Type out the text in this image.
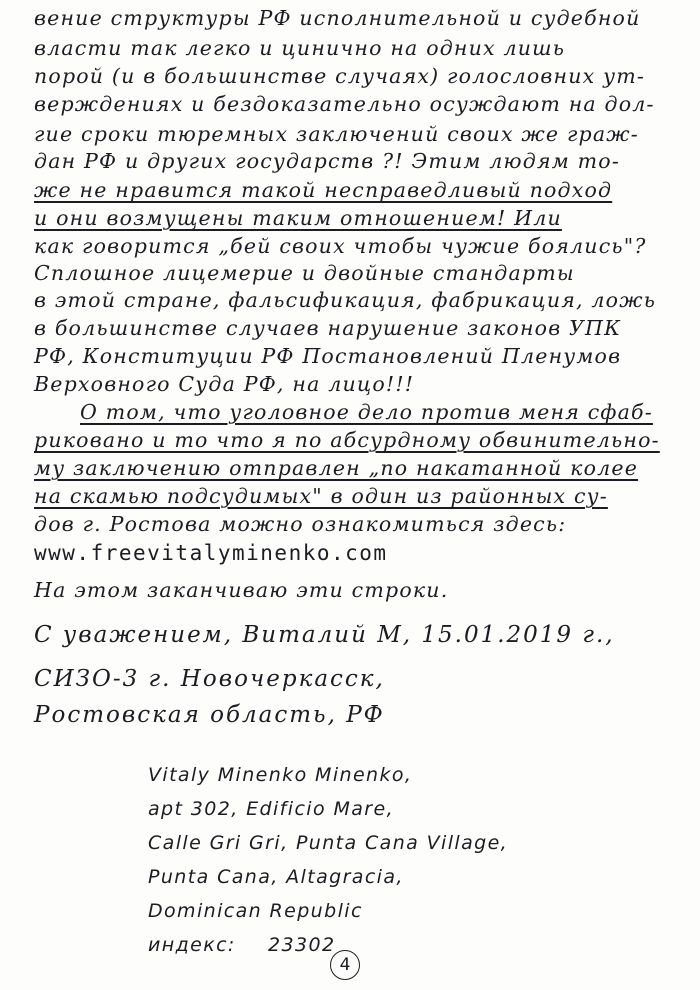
вение структуры РФ исполнительной и судебной
власти так легко и цинично на одних лишь
порой (и в большинстве случаях) голословних ут-
верждениях и бездоказательно осуждают на дол-
гие сроки тюремных заключений своих же граж-
дан РФ и других государств ?! Этим людям то-
же не нравится такой несправедливый подход
и они возмущены таким отношением! Или
как говорится „бей своих чтобы чужие боялись"?
Сплошное лицемерие и двойные стандарты
в этой стране, фальсификация, фабрикация, ложь
в большинстве случаев нарушение законов УПК
РФ, Конституции РФ Постановлений Пленумов
Верховного Суда РФ, на лицо!!!
О том, что уголовное дело против меня сфаб-
риковано и то что я по абсурдному обвинительно-
му заключению отправлен „по накатанной колее
на скамью подсудимых" в один из районных су-
дов г. Ростова можно ознакомиться здесь:
www.freevitalyminenko.com
На этом заканчиваю эти строки.
С уважением, Виталий М, 15.01.2019 г.,
СИЗО-3 г. Новочеркасск,
Ростовская область, РФ
Vitaly Minenko Minenko,
apt 302, Edificio Mare,
Calle Gri Gri, Punta Cana Village,
Punta Cana, Altagracia,
Dominican Republic
индекс: 23302
4
